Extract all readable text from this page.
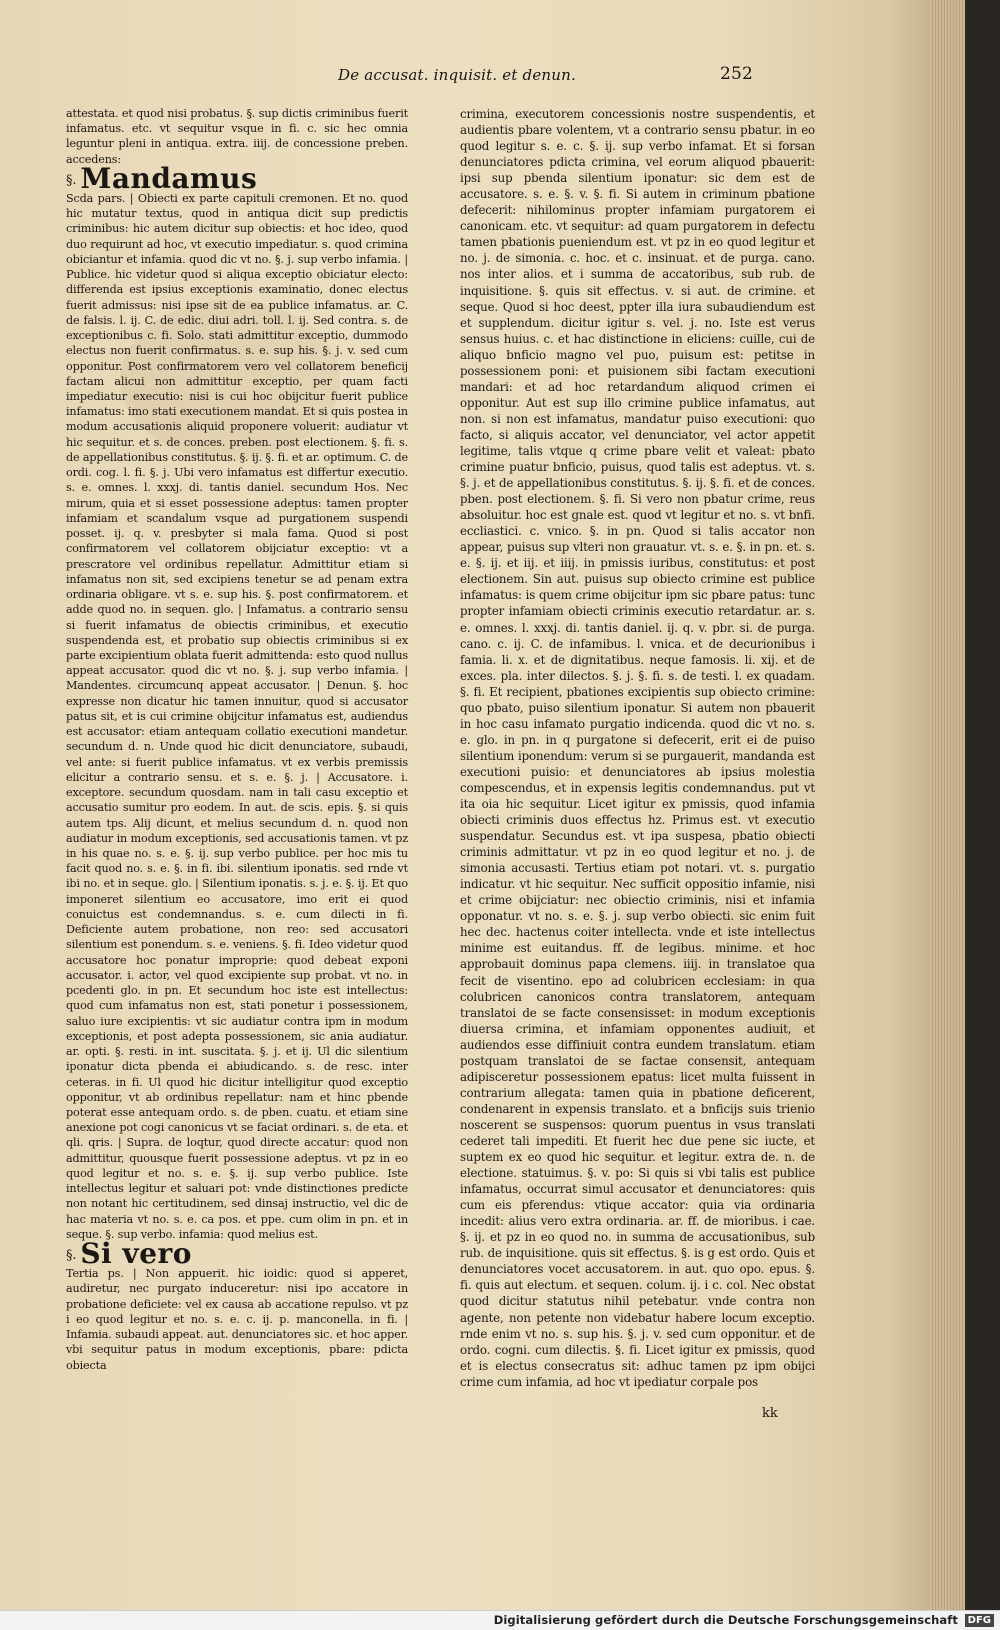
De accusat. inquisit. et denun.	252

attestata. et quod nisi probatus. §. sup dictis criminibus fuerit infamatus. etc. vt sequitur vsque in fi. c. sic hec omnia leguntur pleni in antiqua. extra. iiij. de concessione preben. accedens:

§. Mandamus

Scda pars. | Obiecti ex parte capituli cremonen. Et no. quod hic mutatur textus, quod in antiqua dicit sup predictis criminibus: hic autem dicitur sup obiectis: et hoc ideo, quod duo requirunt ad hoc, vt executio impediatur. s. quod crimina obiciantur et infamia. quod dic vt no. §. j. sup verbo infamia. | Publice. hic videtur quod si aliqua exceptio obiciatur electo: differenda est ipsius exceptionis examinatio, donec electus fuerit admissus: nisi ipse sit de ea publice infamatus. ar. C. de falsis. l. ij. C. de edic. diui adri. toll. l. ij. Sed contra. s. de exceptionibus c. fi. Solo. stati admittitur exceptio, dummodo electus non fuerit confirmatus. s. e. sup his. §. j. v. sed cum opponitur. Post confirmatorem vero vel collatorem beneficij factam alicui non admittitur exceptio, per quam facti impediatur executio: nisi is cui hoc obijcitur fuerit publice infamatus: imo stati executionem mandat. Et si quis postea in modum accusationis aliquid proponere voluerit: audiatur vt hic sequitur. et s. de conces. preben. post electionem. §. fi. s. de appellationibus constitutus. §. ij. §. fi. et ar. optimum. C. de ordi. cog. l. fi. §. j. Ubi vero infamatus est differtur executio. s. e. omnes. l. xxxj. di. tantis daniel. secundum Hos. Nec mirum, quia et si esset possessione adeptus: tamen propter infamiam et scandalum vsque ad purgationem suspendi posset. ij. q. v. presbyter si mala fama. Quod si post confirmatorem vel collatorem obijciatur exceptio: vt a prescratore vel ordinibus repellatur. Admittitur etiam si infamatus non sit, sed excipiens tenetur se ad penam extra ordinaria obligare. vt s. e. sup his. §. post confirmatorem. et adde quod no. in sequen. glo. | Infamatus. a contrario sensu si fuerit infamatus de obiectis criminibus, et executio suspendenda est, et probatio sup obiectis criminibus si ex parte excipientium oblata fuerit admittenda: esto quod nullus appeat accusator. quod dic vt no. §. j. sup verbo infamia. | Mandentes. circumcunq appeat accusator. | Denun. §. hoc expresse non dicatur hic tamen innuitur, quod si accusator patus sit, et is cui crimine obijcitur infamatus est, audiendus est accusator: etiam antequam collatio executioni mandetur. secundum d. n. Unde quod hic dicit denunciatore, subaudi, vel ante: si fuerit publice infamatus. vt ex verbis premissis elicitur a contrario sensu. et s. e. §. j. | Accusatore. i. exceptore. secundum quosdam. nam in tali casu exceptio et accusatio sumitur pro eodem. In aut. de scis. epis. §. si quis autem tps. Alij dicunt, et melius secundum d. n. quod non audiatur in modum exceptionis, sed accusationis tamen. vt pz in his quae no. s. e. §. ij. sup verbo publice. per hoc mis tu facit quod no. s. e. §. in fi. ibi. silentium iponatis. sed rnde vt ibi no. et in seque. glo. | Silentium iponatis. s. j. e. §. ij. Et quo imponeret silentium eo accusatore, imo erit ei quod conuictus est condemnandus. s. e. cum dilecti in fi. Deficiente autem probatione, non reo: sed accusatori silentium est ponendum. s. e. veniens. §. fi. Ideo videtur quod accusatore hoc ponatur improprie: quod debeat exponi accusator. i. actor, vel quod excipiente sup probat. vt no. in pcedenti glo. in pn. Et secundum hoc iste est intellectus: quod cum infamatus non est, stati ponetur i possessionem, saluo iure excipientis: vt sic audiatur contra ipm in modum exceptionis, et post adepta possessionem, sic ania audiatur. ar. opti. §. resti. in int. suscitata. §. j. et ij. Ul dic silentium iponatur dicta pbenda ei abiudicando. s. de resc. inter ceteras. in fi. Ul quod hic dicitur intelligitur quod exceptio opponitur, vt ab ordinibus repellatur: nam et hinc pbende poterat esse antequam ordo. s. de pben. cuatu. et etiam sine anexione pot cogi canonicus vt se faciat ordinari. s. de eta. et qli. qris. | Supra. de loqtur, quod directe accatur: quod non admittitur, quousque fuerit possessione adeptus. vt pz in eo quod legitur et no. s. e. §. ij. sup verbo publice. Iste intellectus legitur et saluari pot: vnde distinctiones predicte non notant hic certitudinem, sed dinsaj instructio, vel dic de hac materia vt no. s. e. ca pos. et ppe. cum olim in pn. et in seque. §. sup verbo. infamia: quod melius est.

§. Si vero

Tertia ps. | Non appuerit. hic ioidic: quod si apperet, audiretur, nec purgato induceretur: nisi ipo accatore in probatione deficiete: vel ex causa ab accatione repulso. vt pz i eo quod legitur et no. s. e. c. ij. p. manconella. in fi. | Infamia. subaudi appeat. aut. denunciatores sic. et hoc apper. vbi sequitur patus in modum exceptionis, pbare: pdicta obiecta

crimina, executorem concessionis nostre suspendentis, et audientis pbare volentem, vt a contrario sensu pbatur. in eo quod legitur s. e. c. §. ij. sup verbo infamat. Et si forsan denunciatores pdicta crimina, vel eorum aliquod pbauerit: ipsi sup pbenda silentium iponatur: sic dem est de accusatore. s. e. §. v. §. fi. Si autem in criminum pbatione defecerit: nihilominus propter infamiam purgatorem ei canonicam. etc. vt sequitur: ad quam purgatorem in defectu tamen pbationis pueniendum est. vt pz in eo quod legitur et no. j. de simonia. c. hoc. et c. insinuat. et de purga. cano. nos inter alios. et i summa de accatoribus, sub rub. de inquisitione. §. quis sit effectus. v. si aut. de crimine. et seque. Quod si hoc deest, ppter illa iura subaudiendum est et supplendum. dicitur igitur s. vel. j. no. Iste est verus sensus huius. c. et hac distinctione in eliciens: cuille, cui de aliquo bnficio magno vel puo, puisum est: petitse in possessionem poni: et puisionem sibi factam executioni mandari: et ad hoc retardandum aliquod crimen ei opponitur. Aut est sup illo crimine publice infamatus, aut non. si non est infamatus, mandatur puiso executioni: quo facto, si aliquis accator, vel denunciator, vel actor appetit legitime, talis vtque q crime pbare velit et valeat: pbato crimine puatur bnficio, puisus, quod talis est adeptus. vt. s. §. j. et de appellationibus constitutus. §. ij. §. fi. et de conces. pben. post electionem. §. fi. Si vero non pbatur crime, reus absoluitur. hoc est gnale est. quod vt legitur et no. s. vt bnfi. eccliastici. c. vnico. §. in pn. Quod si talis accator non appear, puisus sup vlteri non grauatur. vt. s. e. §. in pn. et. s. e. §. ij. et iij. et iiij. in pmissis iuribus, constitutus: et post electionem. Sin aut. puisus sup obiecto crimine est publice infamatus: is quem crime obijcitur ipm sic pbare patus: tunc propter infamiam obiecti criminis executio retardatur. ar. s. e. omnes. l. xxxj. di. tantis daniel. ij. q. v. pbr. si. de purga. cano. c. ij. C. de infamibus. l. vnica. et de decurionibus i famia. li. x. et de dignitatibus. neque famosis. li. xij. et de exces. pla. inter dilectos. §. j. §. fi. s. de testi. l. ex quadam. §. fi. Et recipient, pbationes excipientis sup obiecto crimine: quo pbato, puiso silentium iponatur. Si autem non pbauerit in hoc casu infamato purgatio indicenda. quod dic vt no. s. e. glo. in pn. in q purgatone si defecerit, erit ei de puiso silentium iponendum: verum si se purgauerit, mandanda est executioni puisio: et denunciatores ab ipsius molestia compescendus, et in expensis legitis condemnandus. put vt ita oia hic sequitur. Licet igitur ex pmissis, quod infamia obiecti criminis duos effectus hz. Primus est. vt executio suspendatur. Secundus est. vt ipa suspesa, pbatio obiecti criminis admittatur. vt pz in eo quod legitur et no. j. de simonia accusasti. Tertius etiam pot notari. vt. s. purgatio indicatur. vt hic sequitur. Nec sufficit oppositio infamie, nisi et crime obijciatur: nec obiectio criminis, nisi et infamia opponatur. vt no. s. e. §. j. sup verbo obiecti. sic enim fuit hec dec. hactenus coiter intellecta. vnde et iste intellectus minime est euitandus. ff. de legibus. minime. et hoc approbauit dominus papa clemens. iiij. in translatoe qua fecit de visentino. epo ad colubricen ecclesiam: in qua colubricen canonicos contra translatorem, antequam translatoi de se facte consensisset: in modum exceptionis diuersa crimina, et infamiam opponentes audiuit, et audiendos esse diffiniuit contra eundem translatum. etiam postquam translatoi de se factae consensit, antequam adipisceretur possessionem epatus: licet multa fuissent in contrarium allegata: tamen quia in pbatione deficerent, condenarent in expensis translato. et a bnficijs suis trienio noscerent se suspensos: quorum puentus in vsus translati cederet tali impediti. Et fuerit hec due pene sic iucte, et suptem ex eo quod hic sequitur. et legitur. extra de. n. de electione. statuimus. §. v. po: Si quis si vbi talis est publice infamatus, occurrat simul accusator et denunciatores: quis cum eis pferendus: vtique accator: quia via ordinaria incedit: alius vero extra ordinaria. ar. ff. de mioribus. i cae. §. ij. et pz in eo quod no. in summa de accusationibus, sub rub. de inquisitione. quis sit effectus. §. is g est ordo. Quis et denunciatores vocet accusatorem. in aut. quo opo. epus. §. fi. quis aut electum. et sequen. colum. ij. i c. col. Nec obstat quod dicitur statutus nihil petebatur. vnde contra non agente, non petente non videbatur habere locum exceptio. rnde enim vt no. s. sup his. §. j. v. sed cum opponitur. et de ordo. cogni. cum dilectis. §. fi. Licet igitur ex pmissis, quod et is electus consecratus sit: adhuc tamen pz ipm obijci crime cum infamia, ad hoc vt ipediatur corpale pos

kk
Digitalisierung gefördert durch die Deutsche Forschungsgemeinschaft DFG
